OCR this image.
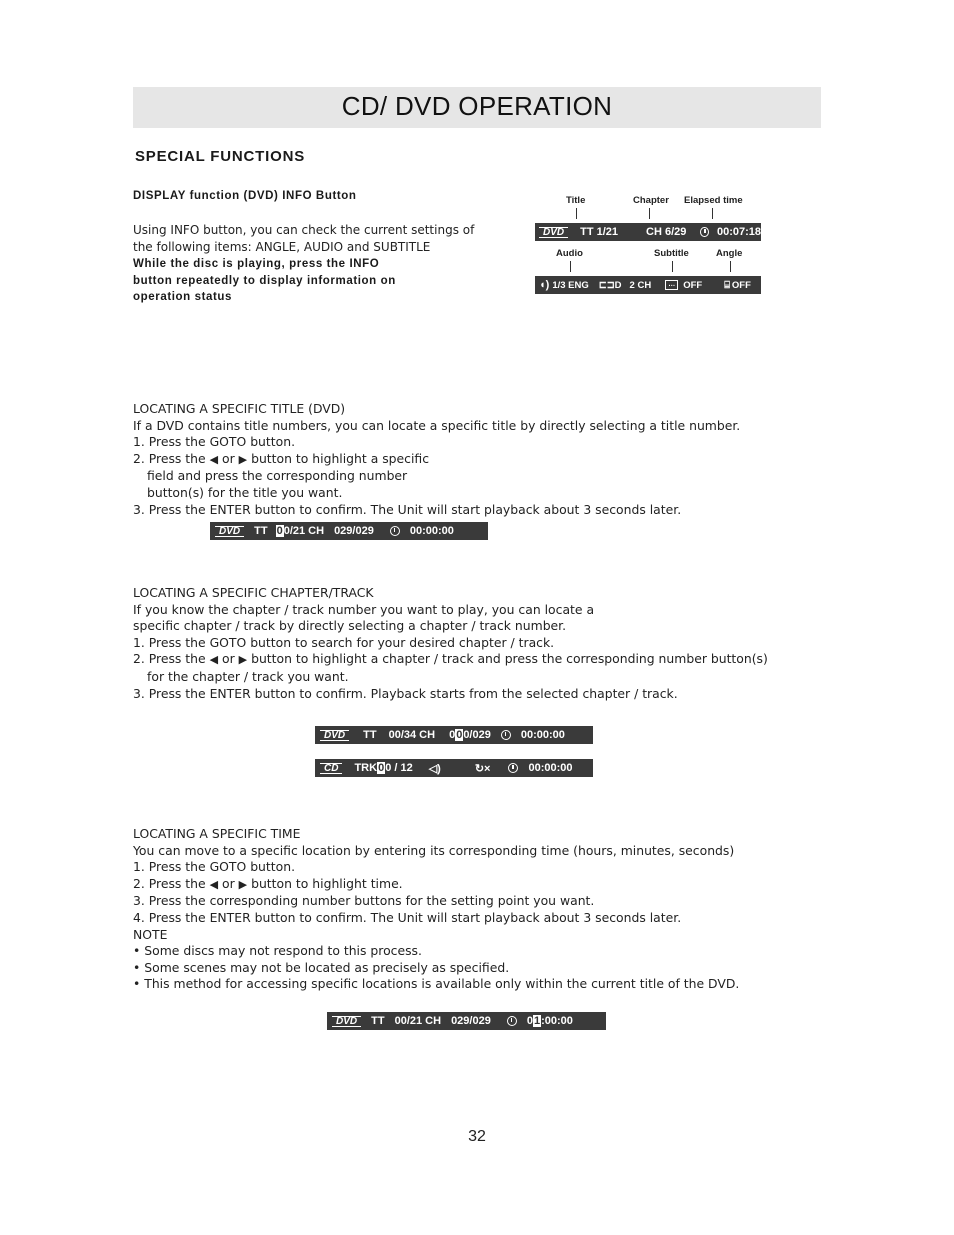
CD/ DVD OPERATION
SPECIAL FUNCTIONS
DISPLAY function (DVD) INFO Button
Using INFO button, you can check the current settings of
the following items: ANGLE, AUDIO and SUBTITLE
While the disc is playing, press the INFO
button repeatedly to display information on
operation status
Title	Chapter Elapsed time
DVD	TT 1/21	CH 6/29	00:07:18
Audio	Subtitle	Angle
◖) 1/3 ENG ⊏⊐ D 2 CH	… OFF ⌸ OFF
LOCATING A SPECIFIC TITLE (DVD)
If a DVD contains title numbers, you can locate a specific title by directly selecting a title number.
1. Press the GOTO button.
2. Press the ◀ or ▶ button to highlight a specific
field and press the corresponding number
button(s) for the title you want.
3. Press the ENTER button to confirm. The Unit will start playback about 3 seconds later.
DVD	TT 0 0/21 CH 029/029	00:00:00
LOCATING A SPECIFIC CHAPTER/TRACK
If you know the chapter / track number you want to play, you can locate a
specific chapter / track by directly selecting a chapter / track number.
1. Press the GOTO button to search for your desired chapter / track.
2. Press the ◀ or ▶ button to highlight a chapter / track and press the corresponding number button(s)
for the chapter / track you want.
3. Press the ENTER button to confirm. Playback starts from the selected chapter / track.
DVD	TT 00/34 CH 0 0 0/029	00:00:00
CD	TRK 0 0 / 12 ◁)	↻×	00:00:00
LOCATING A SPECIFIC TIME
You can move to a specific location by entering its corresponding time (hours, minutes, seconds)
1. Press the GOTO button.
2. Press the ◀ or ▶ button to highlight time.
3. Press the corresponding number buttons for the setting point you want.
4. Press the ENTER button to confirm. The Unit will start playback about 3 seconds later.
NOTE
• Some discs may not respond to this process.
• Some scenes may not be located as precisely as specified.
• This method for accessing specific locations is available only within the current title of the DVD.
DVD	TT 00/21 CH 029/029	0 1 :00:00
32
